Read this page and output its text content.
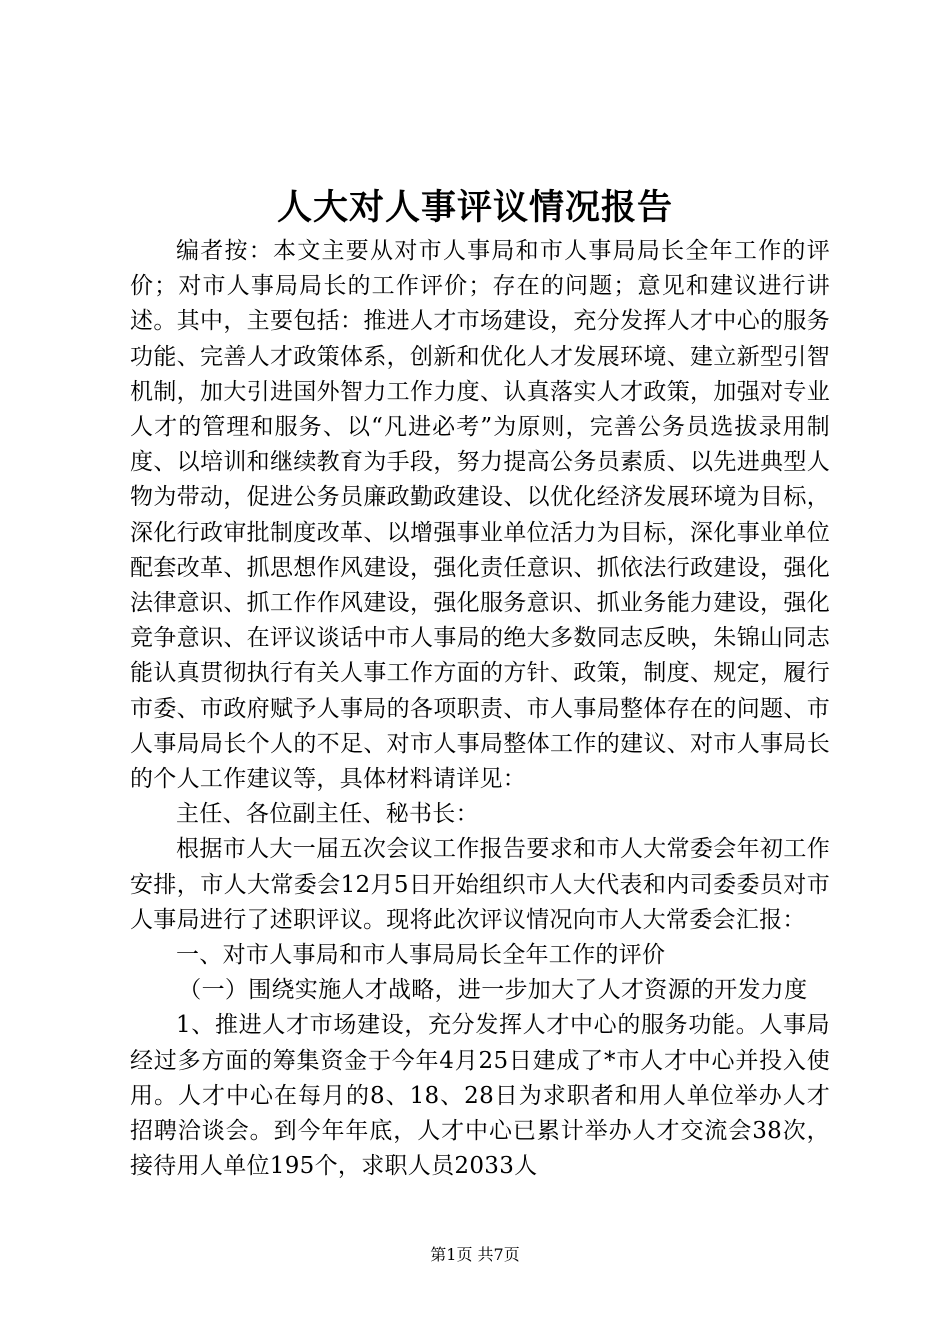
人大对人事评议情况报告

编者按：本文主要从对市人事局和市人事局局长全年工作的评价；对市人事局局长的工作评价；存在的问题；意见和建议进行讲述。其中，主要包括：推进人才市场建设，充分发挥人才中心的服务功能、完善人才政策体系，创新和优化人才发展环境、建立新型引智机制，加大引进国外智力工作力度、认真落实人才政策，加强对专业人才的管理和服务、以“凡进必考”为原则，完善公务员选拔录用制度、以培训和继续教育为手段，努力提高公务员素质、以先进典型人物为带动，促进公务员廉政勤政建设、以优化经济发展环境为目标，深化行政审批制度改革、以增强事业单位活力为目标，深化事业单位配套改革、抓思想作风建设，强化责任意识、抓依法行政建设，强化法律意识、抓工作作风建设，强化服务意识、抓业务能力建设，强化竞争意识、在评议谈话中市人事局的绝大多数同志反映，朱锦山同志能认真贯彻执行有关人事工作方面的方针、政策，制度、规定，履行市委、市政府赋予人事局的各项职责、市人事局整体存在的问题、市人事局局长个人的不足、对市人事局整体工作的建议、对市人事局长的个人工作建议等，具体材料请详见：

主任、各位副主任、秘书长：

根据市人大一届五次会议工作报告要求和市人大常委会年初工作安排，市人大常委会12月5日开始组织市人大代表和内司委委员对市人事局进行了述职评议。现将此次评议情况向市人大常委会汇报：

一、对市人事局和市人事局局长全年工作的评价

（一）围绕实施人才战略，进一步加大了人才资源的开发力度

1、推进人才市场建设，充分发挥人才中心的服务功能。人事局经过多方面的筹集资金于今年4月25日建成了*市人才中心并投入使用。人才中心在每月的8、18、28日为求职者和用人单位举办人才招聘洽谈会。到今年年底，人才中心已累计举办人才交流会38次，接待用人单位195个，求职人员2033人

第1页 共7页
